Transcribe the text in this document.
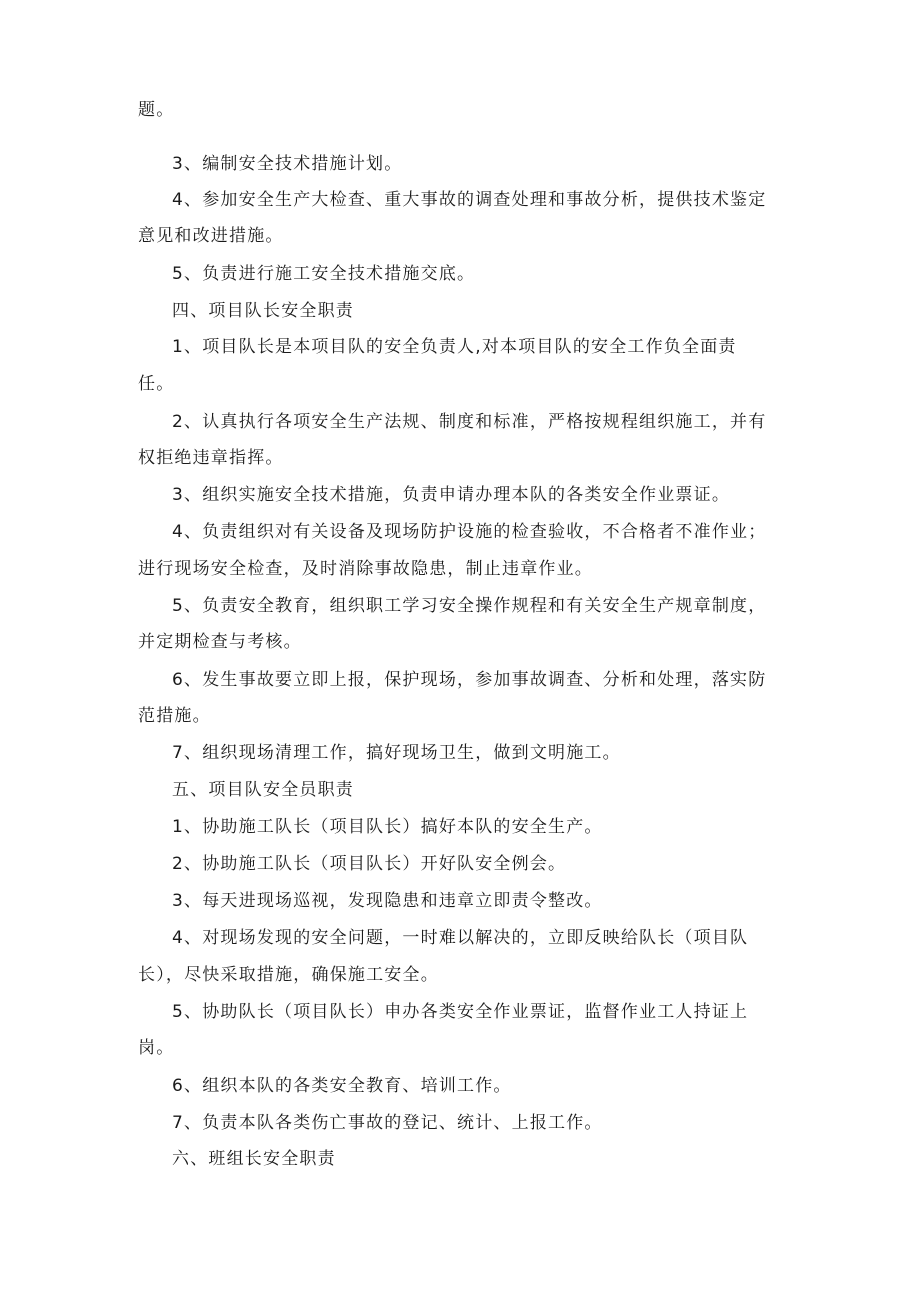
题。
3、编制安全技术措施计划。
4、参加安全生产大检查、重大事故的调查处理和事故分析，提供技术鉴定
意见和改进措施。
5、负责进行施工安全技术措施交底。
四、项目队长安全职责
1、项目队长是本项目队的安全负责人,对本项目队的安全工作负全面责
任。
2、认真执行各项安全生产法规、制度和标准，严格按规程组织施工，并有
权拒绝违章指挥。
3、组织实施安全技术措施，负责申请办理本队的各类安全作业票证。
4、负责组织对有关设备及现场防护设施的检查验收，不合格者不准作业；
进行现场安全检查，及时消除事故隐患，制止违章作业。
5、负责安全教育，组织职工学习安全操作规程和有关安全生产规章制度，
并定期检查与考核。
6、发生事故要立即上报，保护现场，参加事故调查、分析和处理，落实防
范措施。
7、组织现场清理工作，搞好现场卫生，做到文明施工。
五、项目队安全员职责
1、协助施工队长（项目队长）搞好本队的安全生产。
2、协助施工队长（项目队长）开好队安全例会。
3、每天进现场巡视，发现隐患和违章立即责令整改。
4、对现场发现的安全问题，一时难以解决的，立即反映给队长（项目队
长），尽快采取措施，确保施工安全。
5、协助队长（项目队长）申办各类安全作业票证，监督作业工人持证上
岗。
6、组织本队的各类安全教育、培训工作。
7、负责本队各类伤亡事故的登记、统计、上报工作。
六、班组长安全职责
